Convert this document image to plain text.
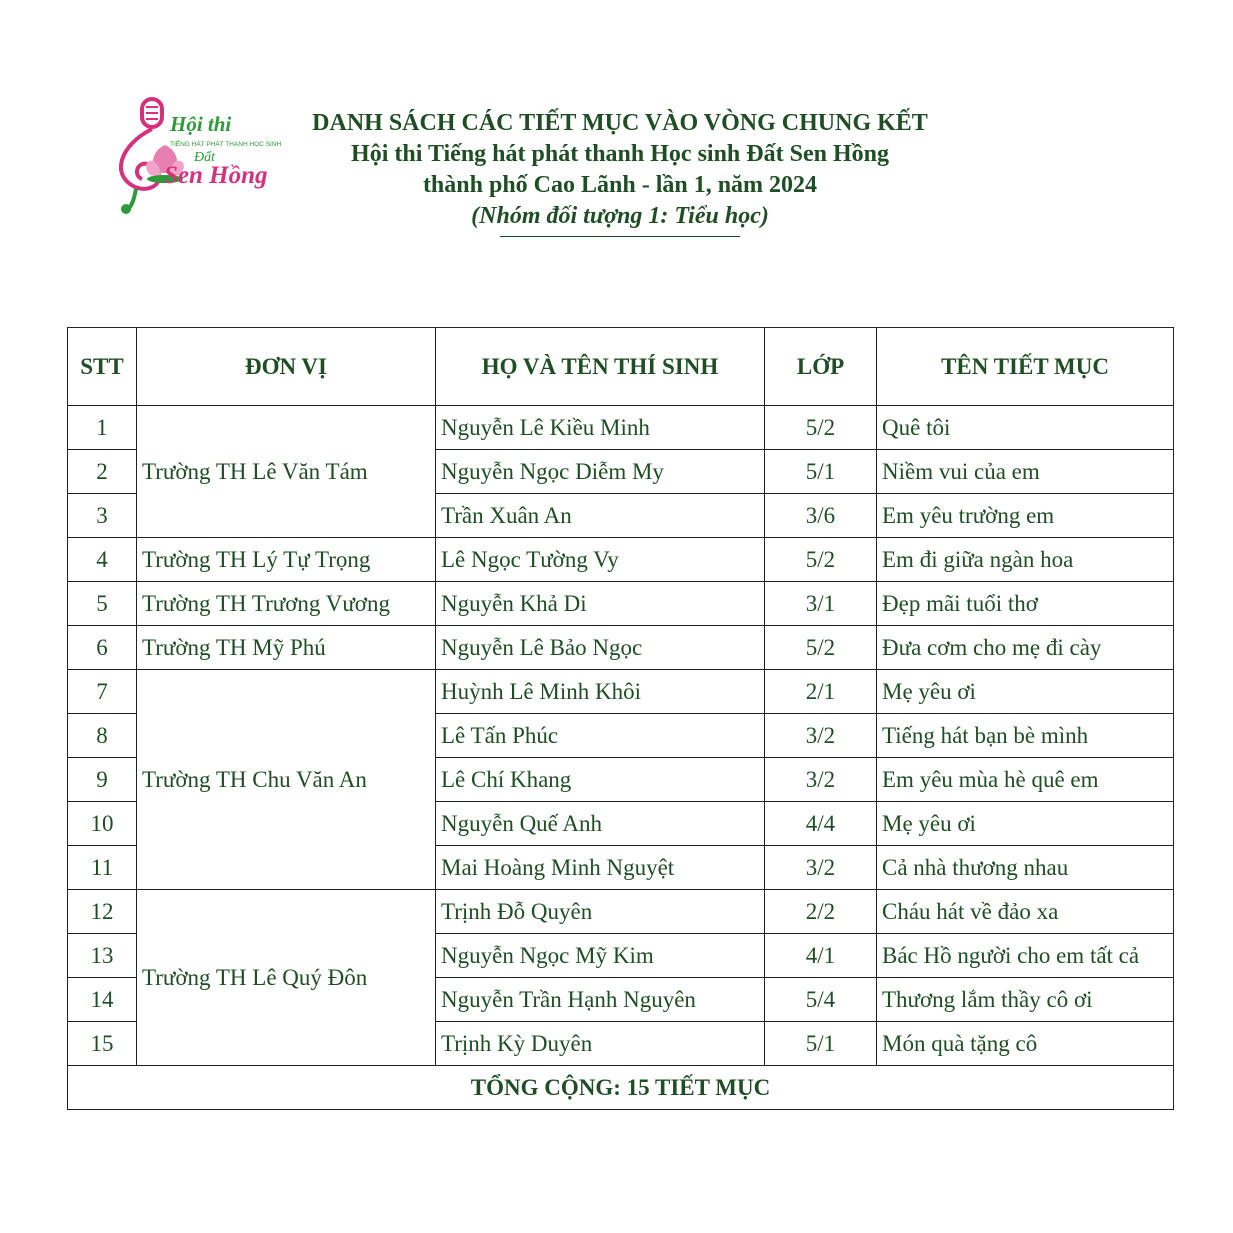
Hội thi
TIẾNG HÁT PHÁT THANH HỌC SINH
Đất
Sen Hồng
DANH SÁCH CÁC TIẾT MỤC VÀO VÒNG CHUNG KẾT
Hội thi Tiếng hát phát thanh Học sinh Đất Sen Hồng
thành phố Cao Lãnh - lần 1, năm 2024
(Nhóm đối tượng 1: Tiểu học)
STT	ĐƠN VỊ	HỌ VÀ TÊN THÍ SINH	LỚP	TÊN TIẾT MỤC
1	Trường TH Lê Văn Tám	Nguyễn Lê Kiều Minh	5/2	Quê tôi
2		Nguyễn Ngọc Diễm My	5/1	Niềm vui của em
3		Trần Xuân An	3/6	Em yêu trường em
4	Trường TH Lý Tự Trọng	Lê Ngọc Tường Vy	5/2	Em đi giữa ngàn hoa
5	Trường TH Trương Vương	Nguyễn Khả Di	3/1	Đẹp mãi tuổi thơ
6	Trường TH Mỹ Phú	Nguyễn Lê Bảo Ngọc	5/2	Đưa cơm cho mẹ đi cày
7	Trường TH Chu Văn An	Huỳnh Lê Minh Khôi	2/1	Mẹ yêu ơi
8		Lê Tấn Phúc	3/2	Tiếng hát bạn bè mình
9		Lê Chí Khang	3/2	Em yêu mùa hè quê em
10		Nguyễn Quế Anh	4/4	Mẹ yêu ơi
11		Mai Hoàng Minh Nguyệt	3/2	Cả nhà thương nhau
12	Trường TH Lê Quý Đôn	Trịnh Đỗ Quyên	2/2	Cháu hát về đảo xa
13		Nguyễn Ngọc Mỹ Kim	4/1	Bác Hồ người cho em tất cả
14		Nguyễn Trần Hạnh Nguyên	5/4	Thương lắm thầy cô ơi
15		Trịnh Kỳ Duyên	5/1	Món quà tặng cô
TỔNG CỘNG: 15 TIẾT MỤC				
